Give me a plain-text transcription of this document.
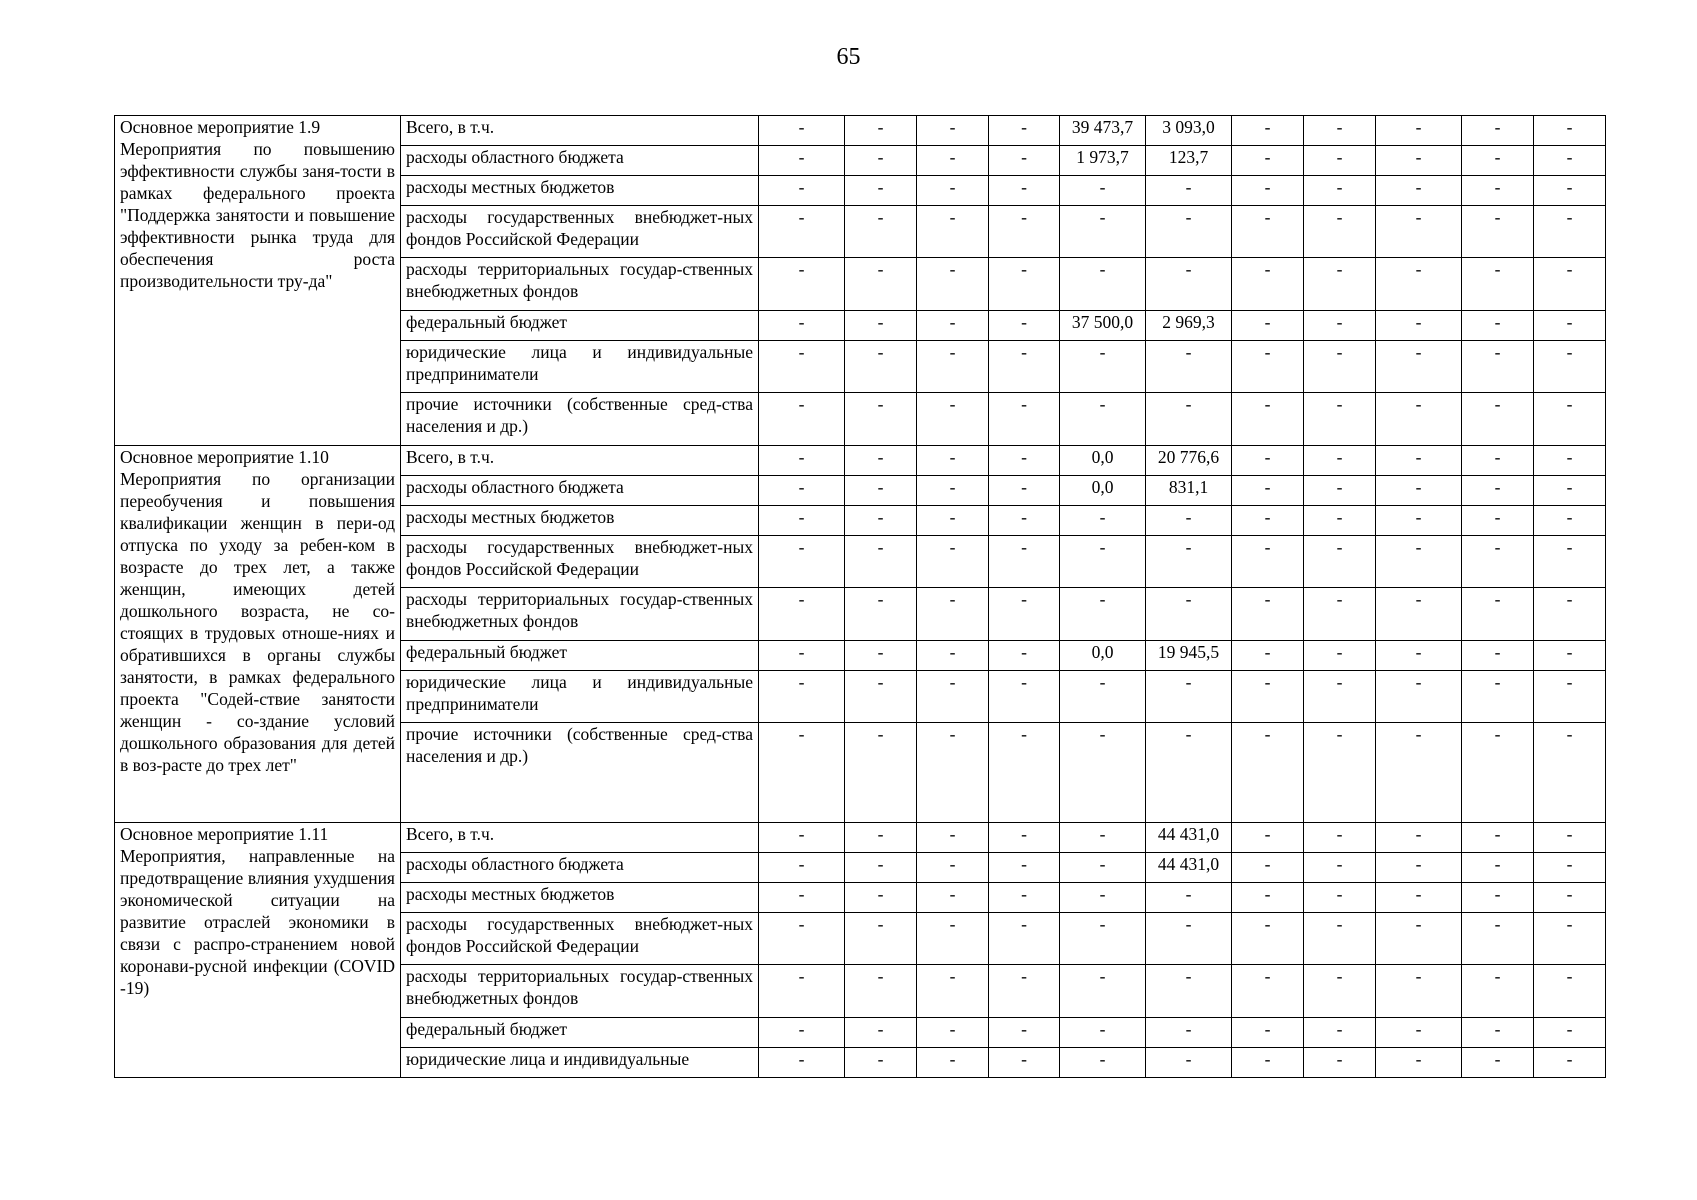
65
Основное мероприятие 1.9
Мероприятия по повышению эффективности службы заня-тости в рамках федерального проекта "Поддержка занятости и повышение эффективности рынка труда для обеспечения роста производительности тру-да"	Всего, в т.ч.	-	-	-	-	39 473,7	3 093,0	-	-	-	-	-
	расходы областного бюджета	-	-	-	-	1 973,7	123,7	-	-	-	-	-
	расходы местных бюджетов	-	-	-	-	-	-	-	-	-	-	-
	расходы государственных внебюджет-ных фондов Российской Федерации	-	-	-	-	-	-	-	-	-	-	-
	расходы территориальных государ-ственных внебюджетных фондов	-	-	-	-	-	-	-	-	-	-	-
	федеральный бюджет	-	-	-	-	37 500,0	2 969,3	-	-	-	-	-
	юридические лица и индивидуальные предприниматели	-	-	-	-	-	-	-	-	-	-	-
	прочие источники (собственные сред-ства населения и др.)	-	-	-	-	-	-	-	-	-	-	-

Основное мероприятие 1.10
Мероприятия по организации переобучения и повышения квалификации женщин в пери-од отпуска по уходу за ребен-ком в возрасте до трех лет, а также женщин, имеющих детей дошкольного возраста, не со-стоящих в трудовых отноше-ниях и обратившихся в органы службы занятости, в рамках федерального проекта "Содей-ствие занятости женщин - со-здание условий дошкольного образования для детей в воз-расте до трех лет"	Всего, в т.ч.	-	-	-	-	0,0	20 776,6	-	-	-	-	-
	расходы областного бюджета	-	-	-	-	0,0	831,1	-	-	-	-	-
	расходы местных бюджетов	-	-	-	-	-	-	-	-	-	-	-
	расходы государственных внебюджет-ных фондов Российской Федерации	-	-	-	-	-	-	-	-	-	-	-
	расходы территориальных государ-ственных внебюджетных фондов	-	-	-	-	-	-	-	-	-	-	-
	федеральный бюджет	-	-	-	-	0,0	19 945,5	-	-	-	-	-
	юридические лица и индивидуальные предприниматели	-	-	-	-	-	-	-	-	-	-	-
	прочие источники (собственные сред-ства населения и др.)	-	-	-	-	-	-	-	-	-	-	-

Основное мероприятие 1.11
Мероприятия, направленные на предотвращение влияния ухудшения экономической ситуации на развитие отраслей экономики в связи с распро-странением новой коронави-русной инфекции (COVID -19)	Всего, в т.ч.	-	-	-	-	-	44 431,0	-	-	-	-	-
	расходы областного бюджета	-	-	-	-	-	44 431,0	-	-	-	-	-
	расходы местных бюджетов	-	-	-	-	-	-	-	-	-	-	-
	расходы государственных внебюджет-ных фондов Российской Федерации	-	-	-	-	-	-	-	-	-	-	-
	расходы территориальных государ-ственных внебюджетных фондов	-	-	-	-	-	-	-	-	-	-	-
	федеральный бюджет	-	-	-	-	-	-	-	-	-	-	-
	юридические лица и индивидуальные	-	-	-	-	-	-	-	-	-	-	-
